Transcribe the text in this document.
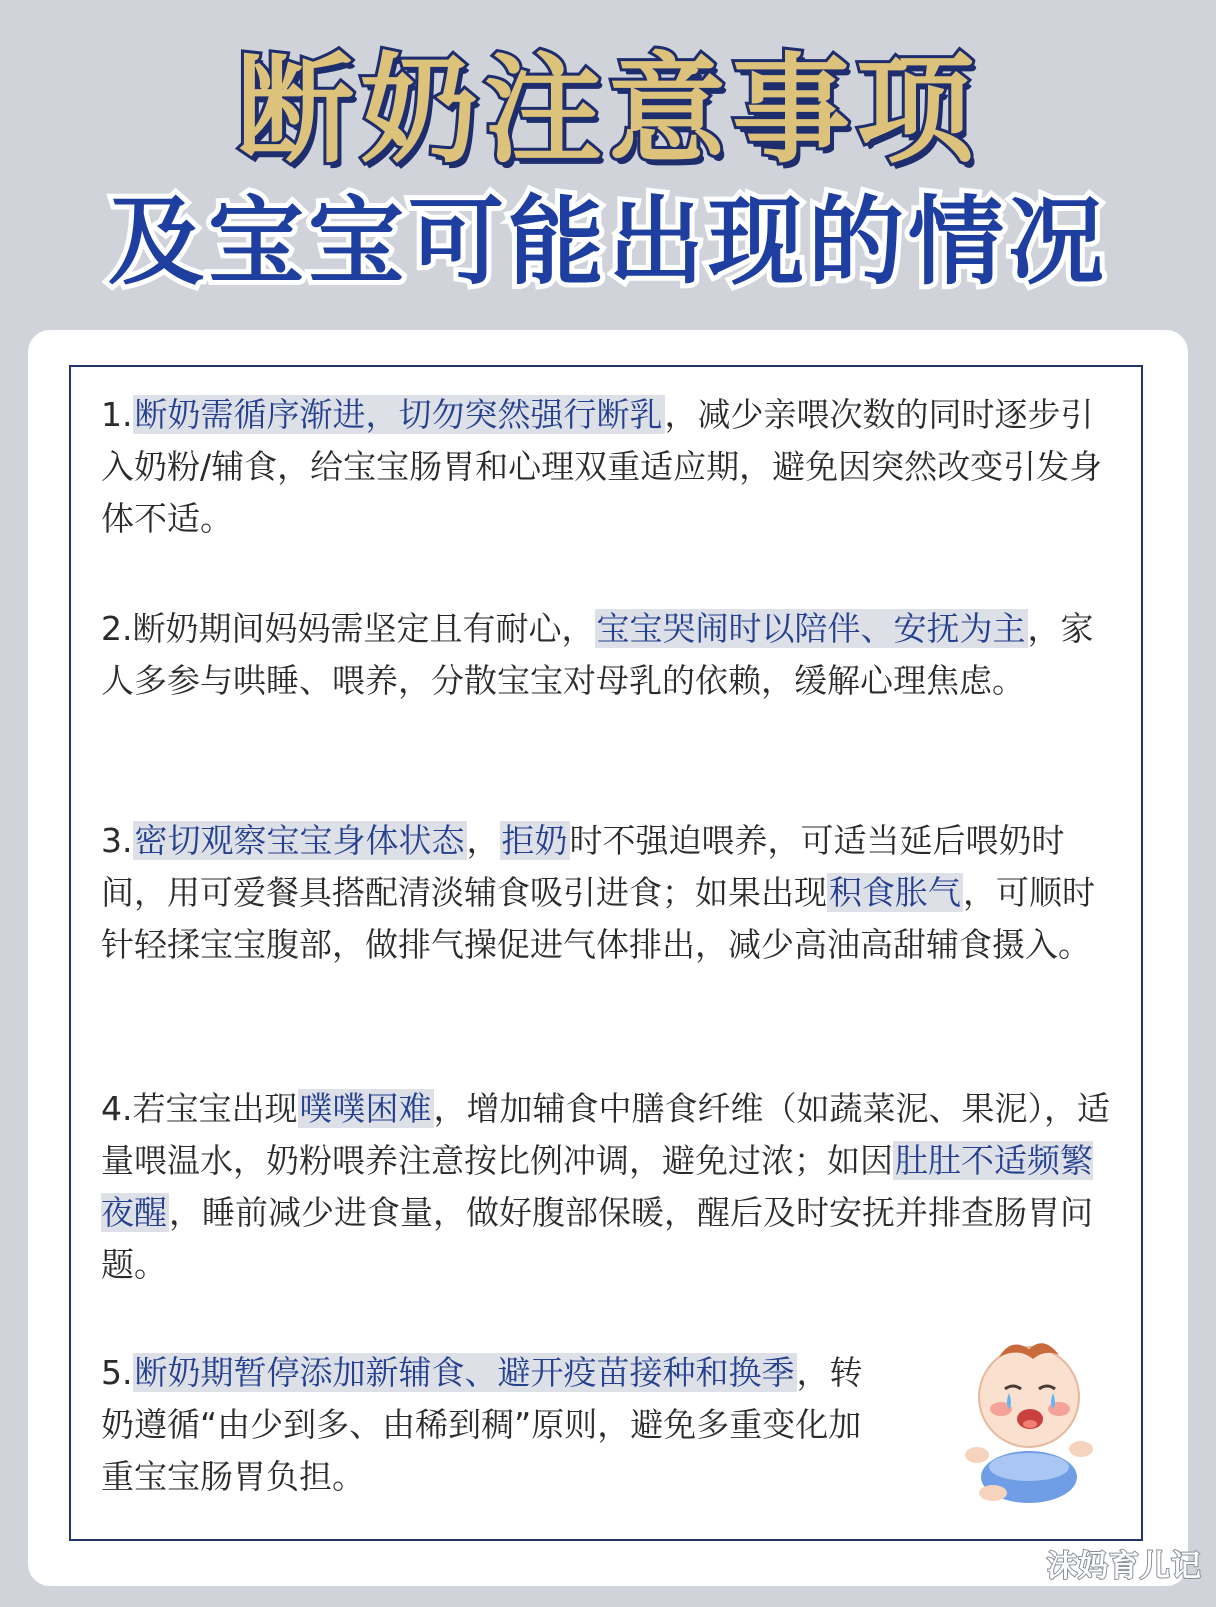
断奶注意事项
及宝宝可能出现的情况
1.断奶需循序渐进，切勿突然强行断乳，减少亲喂次数的同时逐步引入奶粉/辅食，给宝宝肠胃和心理双重适应期，避免因突然改变引发身体不适。
2.断奶期间妈妈需坚定且有耐心，宝宝哭闹时以陪伴、安抚为主，家人多参与哄睡、喂养，分散宝宝对母乳的依赖，缓解心理焦虑。
3.密切观察宝宝身体状态，拒奶时不强迫喂养，可适当延后喂奶时间，用可爱餐具搭配清淡辅食吸引进食；如果出现积食胀气，可顺时针轻揉宝宝腹部，做排气操促进气体排出，减少高油高甜辅食摄入。
4.若宝宝出现噗噗困难，增加辅食中膳食纤维（如蔬菜泥、果泥），适量喂温水，奶粉喂养注意按比例冲调，避免过浓；如因肚肚不适频繁夜醒，睡前减少进食量，做好腹部保暖，醒后及时安抚并排查肠胃问题。
5.断奶期暂停添加新辅食、避开疫苗接种和换季，转奶遵循“由少到多、由稀到稠”原则，避免多重变化加重宝宝肠胃负担。
沫妈育儿记
